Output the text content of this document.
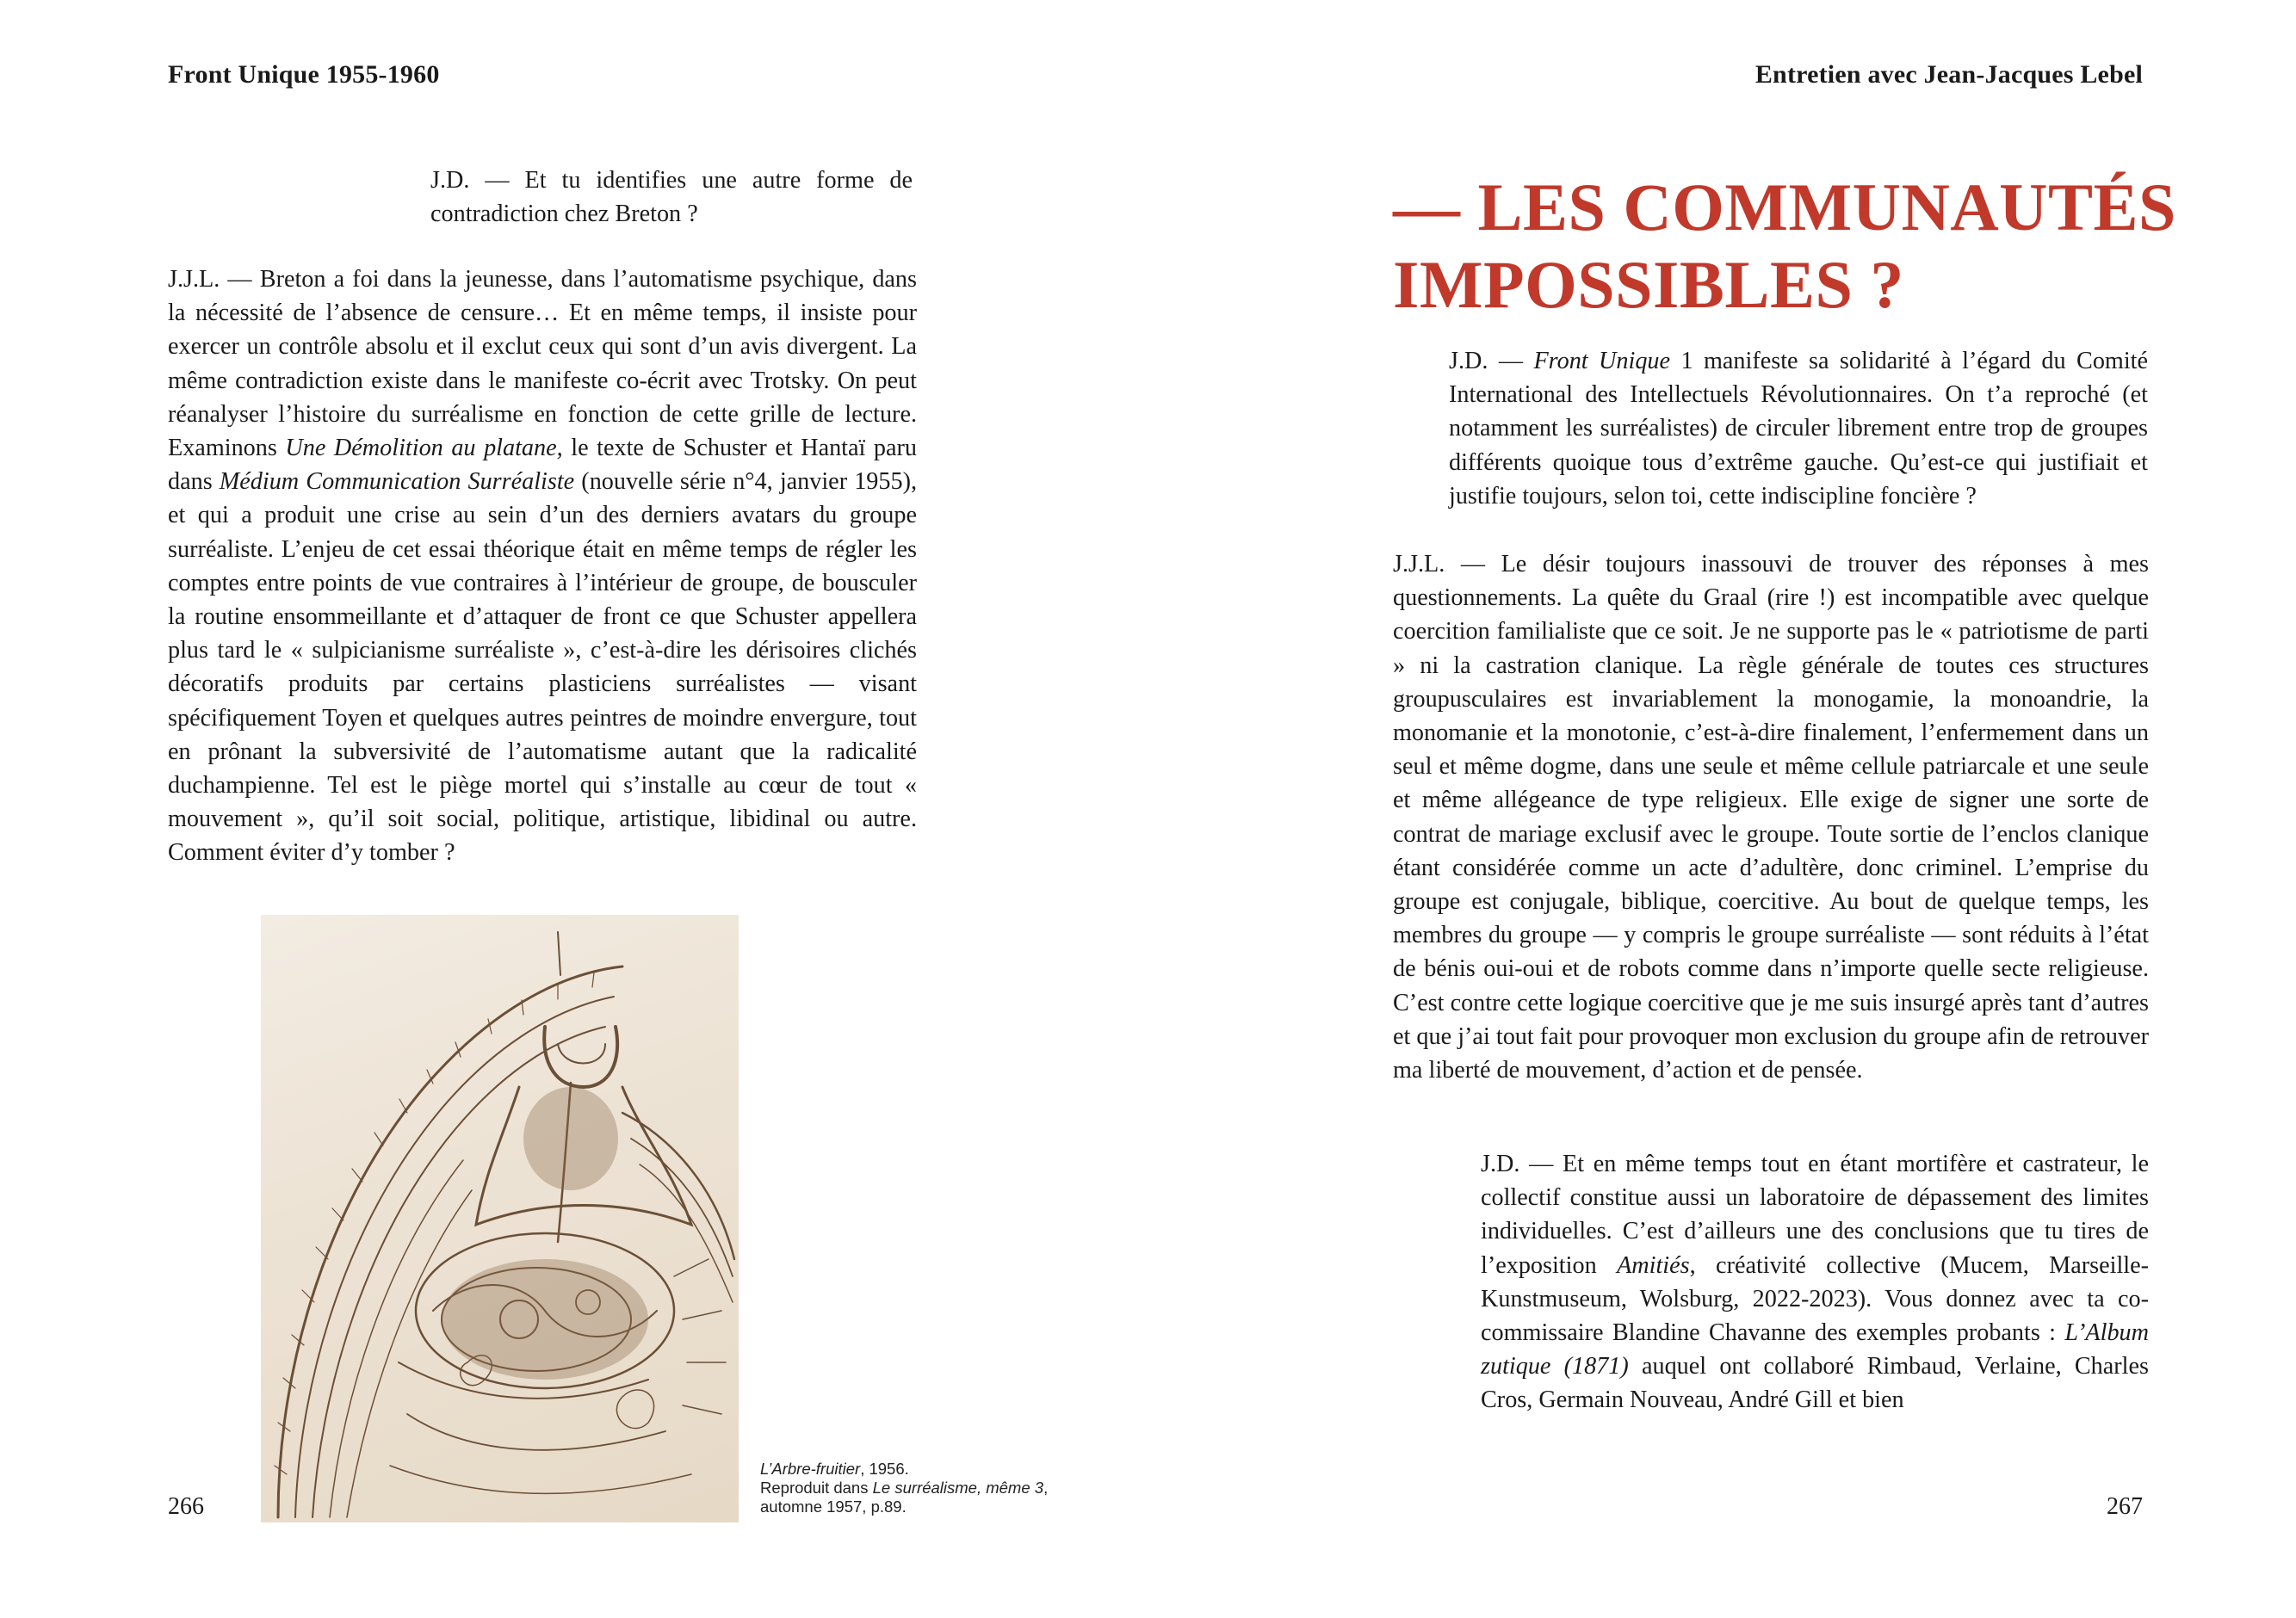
Front Unique 1955-1960

J.D. — Et tu identifies une autre forme de contradiction chez Breton ?

J.J.L. — Breton a foi dans la jeunesse, dans l’automatisme psychique, dans la nécessité de l’absence de censure… Et en même temps, il insiste pour exercer un contrôle absolu et il exclut ceux qui sont d’un avis divergent. La même contradiction existe dans le manifeste co-écrit avec Trotsky. On peut réanalyser l’histoire du surréalisme en fonction de cette grille de lecture. Examinons Une Démolition au platane, le texte de Schuster et Hantaï paru dans Médium Communication Surréaliste (nouvelle série n°4, janvier 1955), et qui a produit une crise au sein d’un des derniers avatars du groupe surréaliste. L’enjeu de cet essai théorique était en même temps de régler les comptes entre points de vue contraires à l’intérieur de groupe, de bousculer la routine ensommeillante et d’attaquer de front ce que Schuster appellera plus tard le « sulpicianisme surréaliste », c’est-à-dire les dérisoires clichés décoratifs produits par certains plasticiens surréalistes — visant spécifiquement Toyen et quelques autres peintres de moindre envergure, tout en prônant la subversivité de l’automatisme autant que la radicalité duchampienne. Tel est le piège mortel qui s’installe au cœur de tout « mouvement », qu’il soit social, politique, artistique, libidinal ou autre. Comment éviter d’y tomber ?

L’Arbre-fruitier, 1956.
Reproduit dans Le surréalisme, même 3,
automne 1957, p.89.
266
Entretien avec Jean-Jacques Lebel
— LES COMMUNAUTÉS
IMPOSSIBLES ?

J.D. — Front Unique 1 manifeste sa solidarité à l’égard du Comité International des Intellectuels Révolutionnaires. On t’a reproché (et notamment les surréalistes) de circuler librement entre trop de groupes différents quoique tous d’extrême gauche. Qu’est-ce qui justifiait et justifie toujours, selon toi, cette indiscipline foncière ?

J.J.L. — Le désir toujours inassouvi de trouver des réponses à mes questionnements. La quête du Graal (rire !) est incompatible avec quelque coercition familialiste que ce soit. Je ne supporte pas le « patriotisme de parti » ni la castration clanique. La règle générale de toutes ces structures groupusculaires est invariablement la monogamie, la monoandrie, la monomanie et la monotonie, c’est-à-dire finalement, l’enfermement dans un seul et même dogme, dans une seule et même cellule patriarcale et une seule et même allégeance de type religieux. Elle exige de signer une sorte de contrat de mariage exclusif avec le groupe. Toute sortie de l’enclos clanique étant considérée comme un acte d’adultère, donc criminel. L’emprise du groupe est conjugale, biblique, coercitive. Au bout de quelque temps, les membres du groupe — y compris le groupe surréaliste — sont réduits à l’état de bénis oui-oui et de robots comme dans n’importe quelle secte religieuse. C’est contre cette logique coercitive que je me suis insurgé après tant d’autres et que j’ai tout fait pour provoquer mon exclusion du groupe afin de retrouver ma liberté de mouvement, d’action et de pensée.

J.D. — Et en même temps tout en étant mortifère et castrateur, le collectif constitue aussi un laboratoire de dépassement des limites individuelles. C’est d’ailleurs une des conclusions que tu tires de l’exposition Amitiés, créativité collective (Mucem, Marseille-Kunstmuseum, Wolsburg, 2022-2023). Vous donnez avec ta co-commissaire Blandine Chavanne des exemples probants : L’Album zutique (1871) auquel ont collaboré Rimbaud, Verlaine, Charles Cros, Germain Nouveau, André Gill et bien

267
